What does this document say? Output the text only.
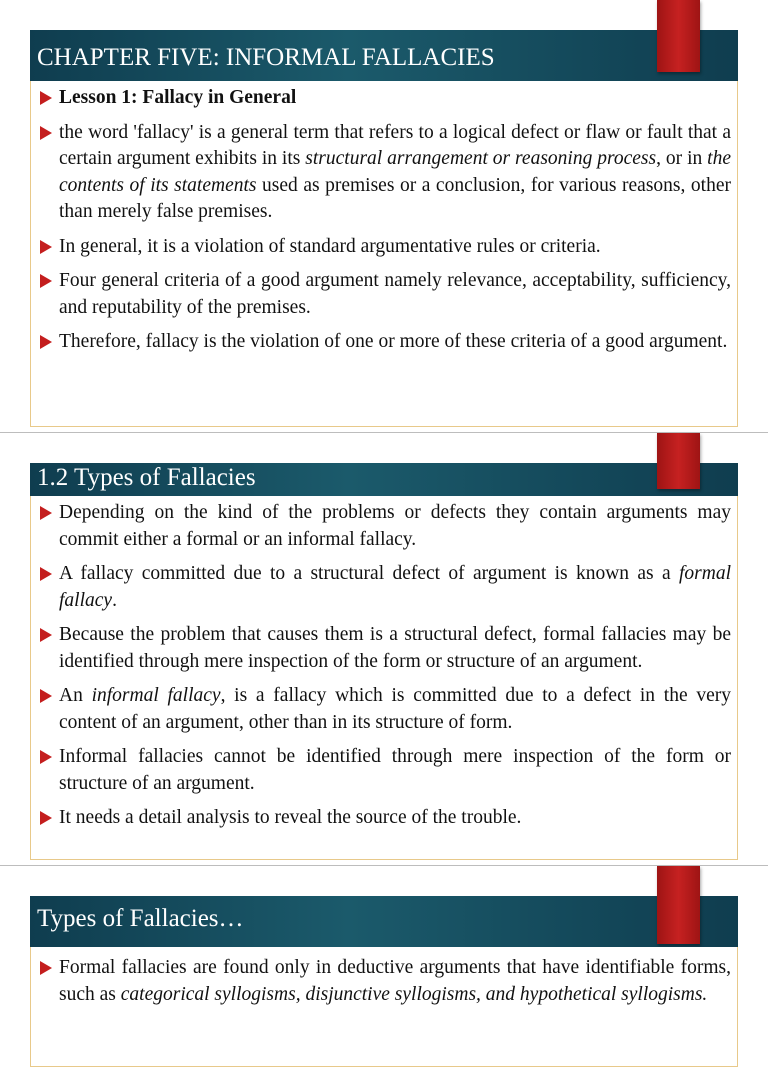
CHAPTER FIVE: INFORMAL FALLACIES
Lesson 1: Fallacy in General
the word 'fallacy' is a general term that refers to a logical defect or flaw or fault that a certain argument exhibits in its structural arrangement or reasoning process, or in the contents of its statements used as premises or a conclusion, for various reasons, other than merely false premises.
In general, it is a violation of standard argumentative rules or criteria.
Four general criteria of a good argument namely relevance, acceptability, sufficiency, and reputability of the premises.
Therefore, fallacy is the violation of one or more of these criteria of a good argument.
1.2 Types of Fallacies
Depending on the kind of the problems or defects they contain arguments may commit either a formal or an informal fallacy.
A fallacy committed due to a structural defect of argument is known as a formal fallacy.
Because the problem that causes them is a structural defect, formal fallacies may be identified through mere inspection of the form or structure of an argument.
An informal fallacy, is a fallacy which is committed due to a defect in the very content of an argument, other than in its structure of form.
Informal fallacies cannot be identified through mere inspection of the form or structure of an argument.
It needs a detail analysis to reveal the source of the trouble.
Types of Fallacies…
Formal fallacies are found only in deductive arguments that have identifiable forms, such as categorical syllogisms, disjunctive syllogisms, and hypothetical syllogisms.
